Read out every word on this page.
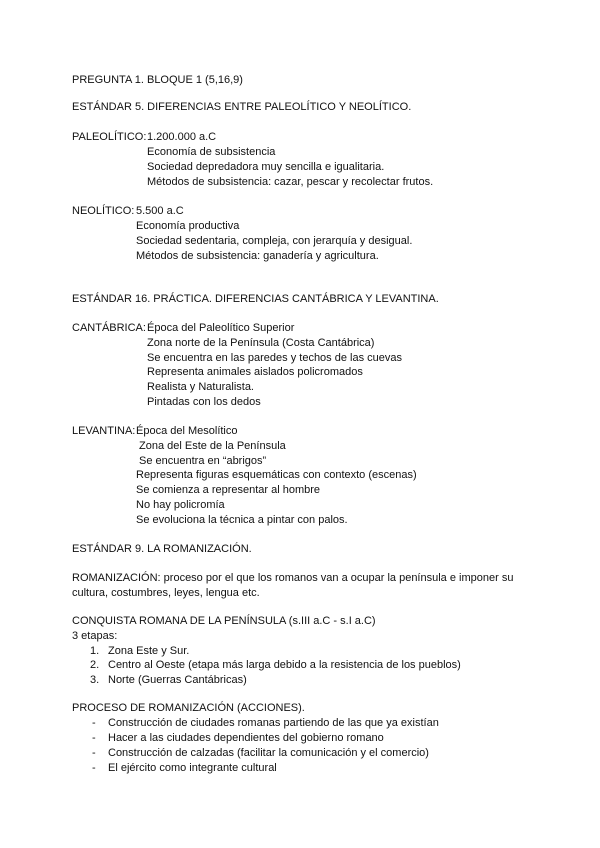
PREGUNTA 1. BLOQUE 1 (5,16,9)
ESTÁNDAR 5. DIFERENCIAS ENTRE PALEOLÍTICO Y NEOLÍTICO.
PALEOLÍTICO: 1.200.000 a.C
Economía de subsistencia
Sociedad depredadora muy sencilla e igualitaria.
Métodos de subsistencia: cazar, pescar y recolectar frutos.
NEOLÍTICO: 5.500 a.C
Economía productiva
Sociedad sedentaria, compleja, con jerarquía y desigual.
Métodos de subsistencia: ganadería y agricultura.
ESTÁNDAR 16. PRÁCTICA. DIFERENCIAS CANTÁBRICA Y LEVANTINA.
CANTÁBRICA: Época del Paleolítico Superior
Zona norte de la Península (Costa Cantábrica)
Se encuentra en las paredes y techos de las cuevas
Representa animales aislados policromados
Realista y Naturalista.
Pintadas con los dedos
LEVANTINA: Época del Mesolítico
Zona del Este de la Península
Se encuentra en “abrigos”
Representa figuras esquemáticas con contexto (escenas)
Se comienza a representar al hombre
No hay policromía
Se evoluciona la técnica a pintar con palos.
ESTÁNDAR 9. LA ROMANIZACIÓN.
ROMANIZACIÓN: proceso por el que los romanos van a ocupar la península e imponer su
cultura, costumbres, leyes, lengua etc.
CONQUISTA ROMANA DE LA PENÍNSULA (s.III a.C - s.I a.C)
3 etapas:
1. Zona Este y Sur.
2. Centro al Oeste (etapa más larga debido a la resistencia de los pueblos)
3. Norte (Guerras Cantábricas)
PROCESO DE ROMANIZACIÓN (ACCIONES).
- Construcción de ciudades romanas partiendo de las que ya existían
- Hacer a las ciudades dependientes del gobierno romano
- Construcción de calzadas (facilitar la comunicación y el comercio)
- El ejército como integrante cultural
